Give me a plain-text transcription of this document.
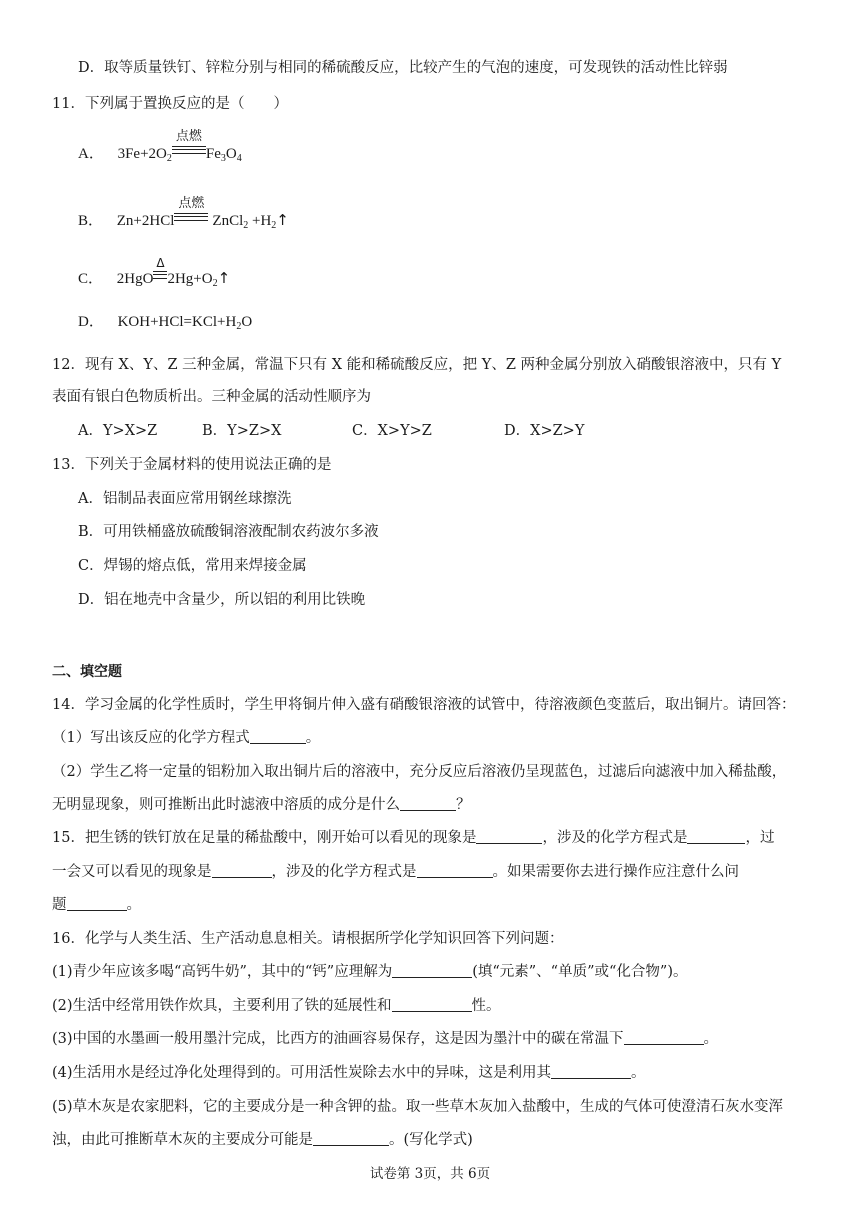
D．取等质量铁钉、锌粒分别与相同的稀硫酸反应，比较产生的气泡的速度，可发现铁的活动性比锌弱
11．下列属于置换反应的是（　　）
A． $3Fe+2O_2$
点燃
$Fe_3O_4$
B． Zn+2HCl
点燃
ZnCl$_2$ $+H_2↑$
C． 2HgO
Δ
$2Hg+O_2↑$
D． $KOH+HCl=KCl+H_2O$
12．现有 X、Y、Z 三种金属，常温下只有 X 能和稀硫酸反应，把 Y、Z 两种金属分别放入硝酸银溶液中，只有 Y
表面有银白色物质析出。三种金属的活动性顺序为
A．Y>X>Z	B．Y>Z>X	C．X>Y>Z	D．X>Z>Y
13．下列关于金属材料的使用说法正确的是
A．铝制品表面应常用钢丝球擦洗
B．可用铁桶盛放硫酸铜溶液配制农药波尔多液
C．焊锡的熔点低，常用来焊接金属
D．铝在地壳中含量少，所以铝的利用比铁晚
二、填空题
14．学习金属的化学性质时，学生甲将铜片伸入盛有硝酸银溶液的试管中，待溶液颜色变蓝后，取出铜片。请回答：
（1）写出该反应的化学方程式	。
（2）学生乙将一定量的铝粉加入取出铜片后的溶液中，充分反应后溶液仍呈现蓝色，过滤后向滤液中加入稀盐酸，
无明显现象，则可推断出此时滤液中溶质的成分是什么	？
15．把生锈的铁钉放在足量的稀盐酸中，刚开始可以看见的现象是	，涉及的化学方程式是	，过
一会又可以看见的现象是	，涉及的化学方程式是	。如果需要你去进行操作应注意什么问
题	。
16．化学与人类生活、生产活动息息相关。请根据所学化学知识回答下列问题：
(1)青少年应该多喝“高钙牛奶”，其中的“钙”应理解为	(填“元素”、“单质”或“化合物”)。
(2)生活中经常用铁作炊具，主要利用了铁的延展性和	性。
(3)中国的水墨画一般用墨汁完成，比西方的油画容易保存，这是因为墨汁中的碳在常温下	。
(4)生活用水是经过净化处理得到的。可用活性炭除去水中的异味，这是利用其	。
(5)草木灰是农家肥料，它的主要成分是一种含钾的盐。取一些草木灰加入盐酸中，生成的气体可使澄清石灰水变浑
浊，由此可推断草木灰的主要成分可能是	。(写化学式)
试卷第 3页，共 6页
